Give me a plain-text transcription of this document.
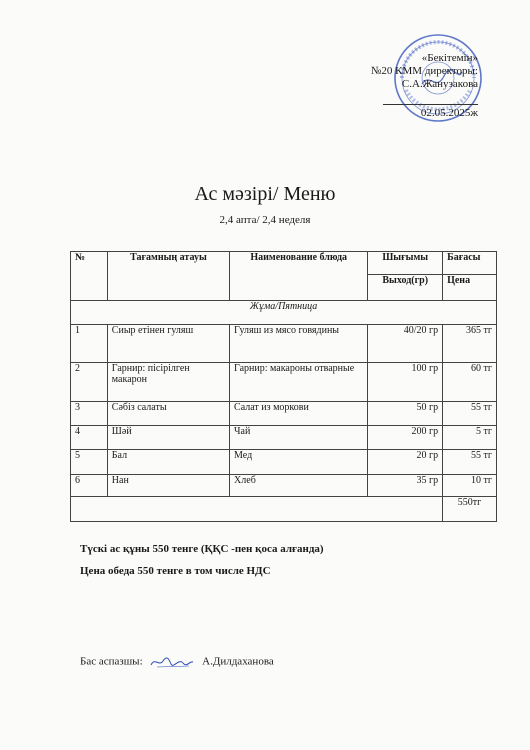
«Бекітемін»
№20 КММ директоры:
С.А.Жанузакова
02.05.2025ж
Ас мәзірі/ Меню
2,4 апта/ 2,4 неделя
№	Тағамның атауы	Наименование блюда	Шығымы	Бағасы
			Выход(гр)	Цена
Жұма/Пятница				
1	Сиыр етінен гуляш	Гуляш из мясо говядины	40/20 гр	365 тг
2	Гарнир: пісірілген макарон	Гарнир: макароны отварные	100 гр	60 тг
3	Сәбіз салаты	Салат из моркови	50 гр	55 тг
4	Шәй	Чай	200 гр	5 тг
5	Бал	Мед	20 гр	55 тг
6	Нан	Хлеб	35 гр	10 тг
				550тг
Түскі ас құны 550 тенге (ҚҚС -пен қоса алғанда)
Цена обеда 550 тенге в том числе НДС
Бас аспазшы:	А.Дилдаханова
